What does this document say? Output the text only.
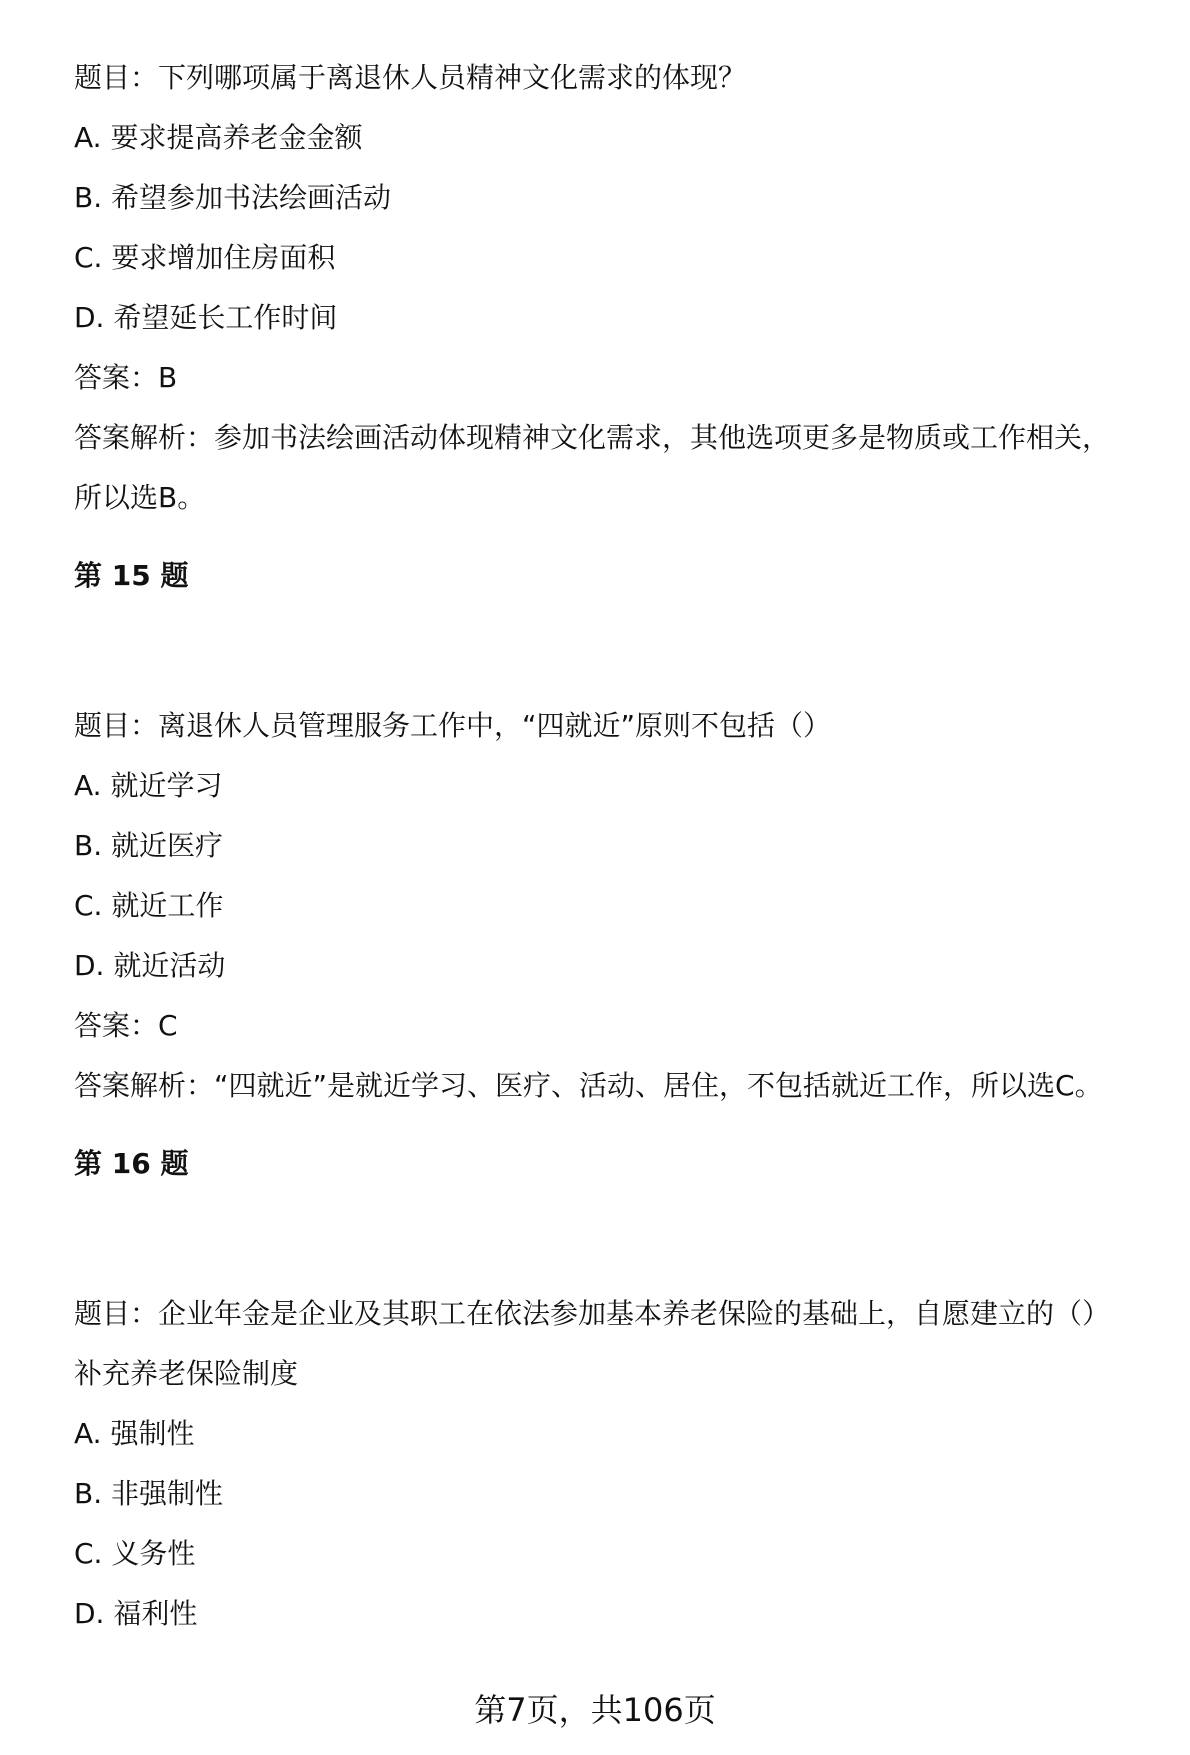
题目：下列哪项属于离退休人员精神文化需求的体现？
A. 要求提高养老金金额
B. 希望参加书法绘画活动
C. 要求增加住房面积
D. 希望延长工作时间
答案：B
答案解析：参加书法绘画活动体现精神文化需求，其他选项更多是物质或工作相关，所以选B。
第 15 题
题目：离退休人员管理服务工作中，“四就近”原则不包括（）
A. 就近学习
B. 就近医疗
C. 就近工作
D. 就近活动
答案：C
答案解析：“四就近”是就近学习、医疗、活动、居住，不包括就近工作，所以选C。
第 16 题
题目：企业年金是企业及其职工在依法参加基本养老保险的基础上，自愿建立的（）补充养老保险制度
A. 强制性
B. 非强制性
C. 义务性
D. 福利性
第7页，共106页
